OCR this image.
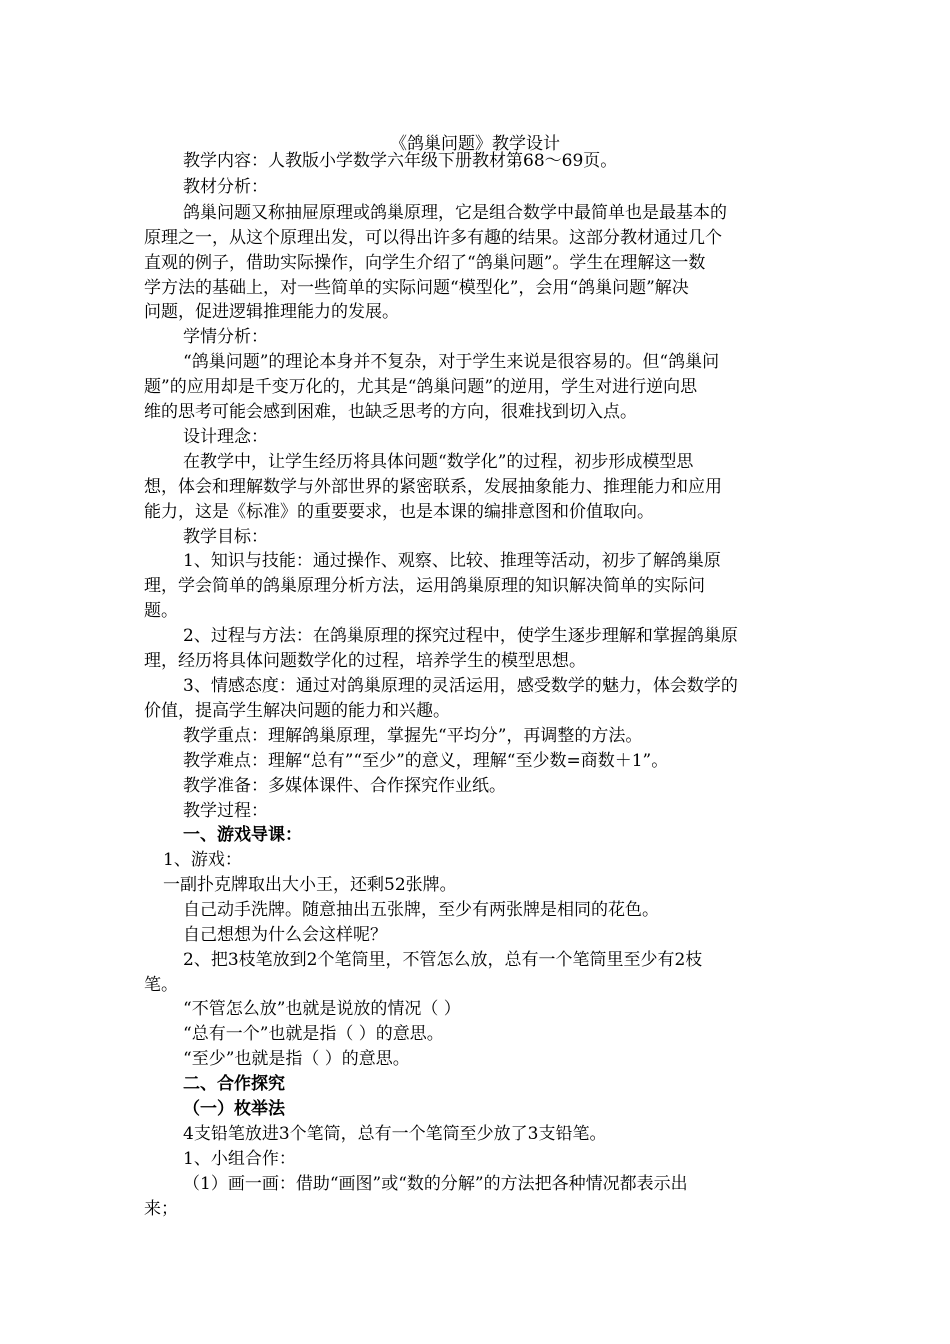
《鸽巢问题》教学设计
教学内容：人教版小学数学六年级下册教材第68～69页。
教材分析：
鸽巢问题又称抽屉原理或鸽巢原理，它是组合数学中最简单也是最基本的
原理之一，从这个原理出发，可以得出许多有趣的结果。这部分教材通过几个
直观的例子，借助实际操作，向学生介绍了“鸽巢问题”。学生在理解这一数
学方法的基础上，对一些简单的实际问题“模型化”，会用“鸽巢问题”解决
问题，促进逻辑推理能力的发展。
学情分析：
“鸽巢问题”的理论本身并不复杂，对于学生来说是很容易的。但“鸽巢问
题”的应用却是千变万化的，尤其是“鸽巢问题”的逆用，学生对进行逆向思
维的思考可能会感到困难，也缺乏思考的方向，很难找到切入点。
设计理念：
在教学中，让学生经历将具体问题“数学化”的过程，初步形成模型思
想，体会和理解数学与外部世界的紧密联系，发展抽象能力、推理能力和应用
能力，这是《标准》的重要要求，也是本课的编排意图和价值取向。
教学目标：
1、知识与技能：通过操作、观察、比较、推理等活动，初步了解鸽巢原
理，学会简单的鸽巢原理分析方法，运用鸽巢原理的知识解决简单的实际问
题。
2、过程与方法：在鸽巢原理的探究过程中，使学生逐步理解和掌握鸽巢原
理，经历将具体问题数学化的过程，培养学生的模型思想。
3、情感态度：通过对鸽巢原理的灵活运用，感受数学的魅力，体会数学的
价值，提高学生解决问题的能力和兴趣。
教学重点：理解鸽巢原理，掌握先“平均分”，再调整的方法。
教学难点：理解“总有”“至少”的意义，理解“至少数=商数＋1”。
教学准备：多媒体课件、合作探究作业纸。
教学过程：
一、游戏导课：
1、游戏：
一副扑克牌取出大小王，还剩52张牌。
自己动手洗牌。随意抽出五张牌，至少有两张牌是相同的花色。
自己想想为什么会这样呢？
2、把3枝笔放到2个笔筒里，不管怎么放，总有一个笔筒里至少有2枝
笔。
“不管怎么放”也就是说放的情况（ ）
“总有一个”也就是指（ ）的意思。
“至少”也就是指（ ）的意思。
二、合作探究
（一）枚举法
4支铅笔放进3个笔筒，总有一个笔筒至少放了3支铅笔。
1、小组合作：
（1）画一画：借助“画图”或“数的分解”的方法把各种情况都表示出
来；
